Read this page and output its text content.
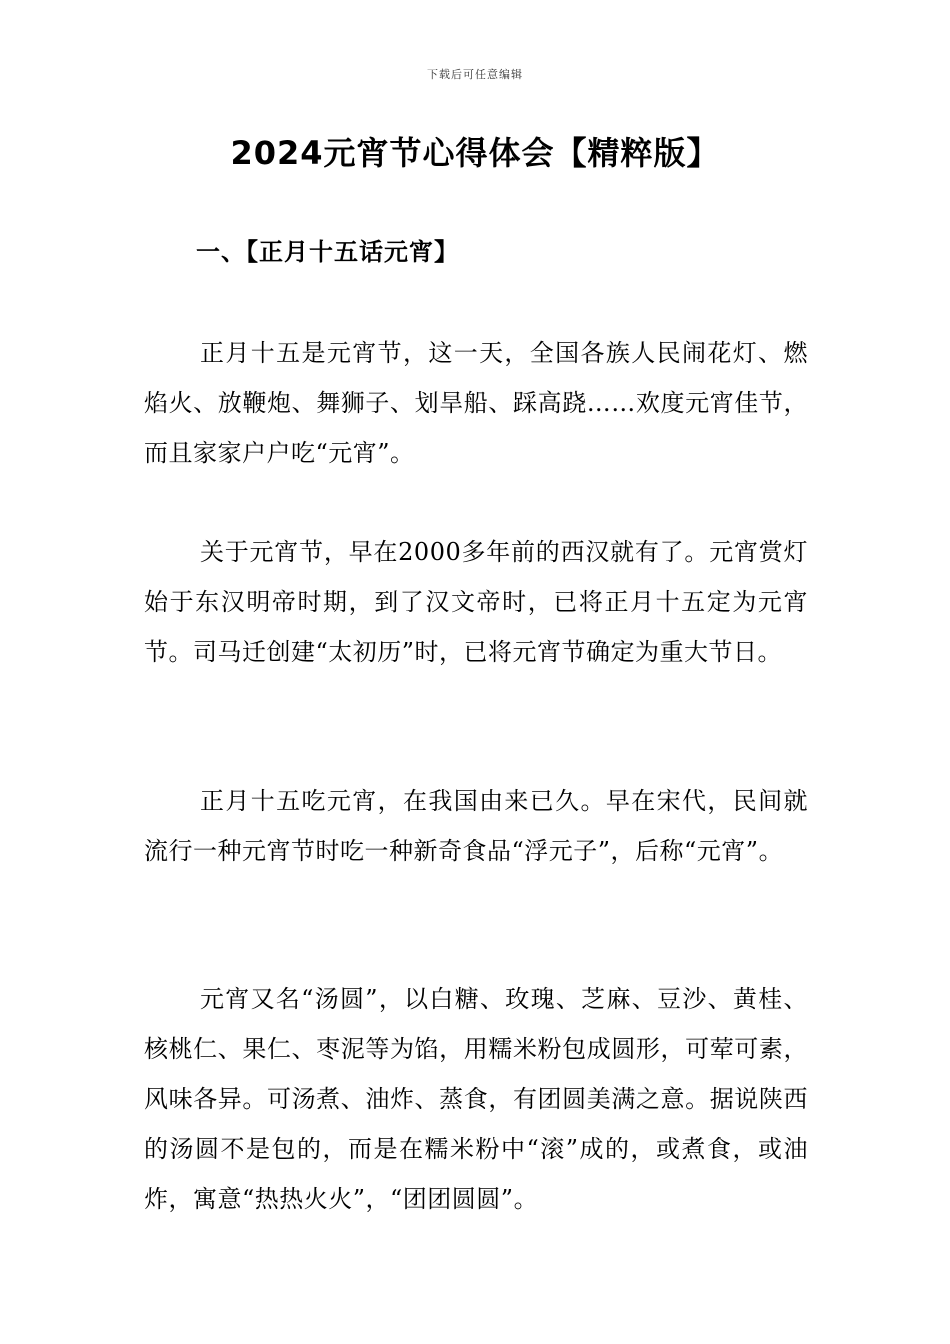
下载后可任意编辑
2024元宵节心得体会【精粹版】
一、【正月十五话元宵】

正月十五是元宵节，这一天，全国各族人民闹花灯、燃焰火、放鞭炮、舞狮子、划旱船、踩高跷……欢度元宵佳节，而且家家户户吃“元宵”。

关于元宵节，早在2000多年前的西汉就有了。元宵赏灯始于东汉明帝时期，到了汉文帝时，已将正月十五定为元宵节。司马迁创建“太初历”时，已将元宵节确定为重大节日。

正月十五吃元宵，在我国由来已久。早在宋代，民间就流行一种元宵节时吃一种新奇食品“浮元子”，后称“元宵”。

元宵又名“汤圆”，以白糖、玫瑰、芝麻、豆沙、黄桂、核桃仁、果仁、枣泥等为馅，用糯米粉包成圆形，可荤可素，风味各异。可汤煮、油炸、蒸食，有团圆美满之意。据说陕西的汤圆不是包的，而是在糯米粉中“滚”成的，或煮食，或油炸，寓意“热热火火”，“团团圆圆”。
